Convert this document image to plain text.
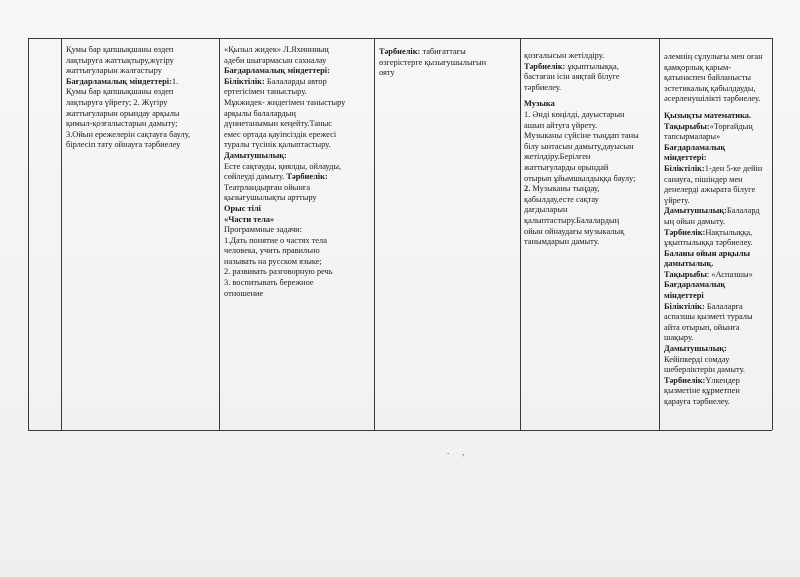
Қумы бар қапшықшаны өздеп

лақтыруға жаттықтыру,жүгіру

жаттығуларын жалғастыру

Бағдарламалық міндеттері:1.

Қумы бар қапшықшаны өздеп

лақтыруға үйрету; 2. Жүгіру

жаттығуларын орындау арқылы

қимыл-қозғалыстарын дамыту;

3.Ойын ережелерін сақтауға баулу,

бірлесіп тату ойнауға тәрбиелеу

«Қызыл жидек» Л.Яхиннның

әдеби шығармасын сахналау

Бағдарламалық міндеттері:

Біліктілік: Балаларды автор

ертегісімен таныстыру.

Мұкжидек- жидегімен таныстыру

арқылы балалардың

дүниетанымын кеңейту.Таныс

емес ортада қауіпсіздік ережесі

туралы түсінік қалыптастыру.

Дамытушылық:

Есте сақтауды, қиялды, ойлауды,

сөйлеуді дамыту. Тәрбиелік:

Театрландырған ойынға

қызығушылықты арттыру

Орыс тілі

«Части тела»

Программные задачи:

1.Дать понятие о частях тела

человека, учить правильно

называть на русском языке;

2. развивать разговорную речь

3. воспитывать бережное

отношение

Тәрбиелік: табиғаттағы

өзгерістерге қызығушылығын

ояту

қозғалысын жетілдіру.

Тәрбиелік: ұқыптылыққа,

бастаған ісін аяқтай білуге

тәрбиелеу.

Музыка

1. Әнді көңілді, дауыстарын

ашып айтуға үйрету.

Музыканы сүйсіне тыңдап таны

білу ынтасын дамыту,дауысын

жетілдіру.Берілген

жаттығуларды орындай

отырып ұйымшылдыққа баулу;

2. Музыканы тыңдау,

қабылдау,есте сақтау

дағдыларын

қалыптастыру.Балалардың

ойын ойнаудағы музыкалық

танымдарын дамыту.

әлемнің сұлулығы мен оған

қамқорлық қарым-

қатынаспен байланысты

эстетикалық қабылдауды,

әсерленушілікті тәрбиелеу.

Қызықты математика.

Тақырыбы:«Торғайдың

тапсырмалары»

Бағдарламалық

міндеттері:

Біліктілік:1-ден 5-ке дейін

санауға, пішіндер мен

денелерді ажырата білуге

үйрету.

Дамытушылық:Балалард

ың ойын дамыту.

Тәрбиелік:Нақтылыққа,

ұқыптылыққа тәрбиелеу.

Баланы ойын арқылы

дамытылық.

Тақырыбы: «Аспазшы»

Бағдарламалық

міндеттері

Біліктілік: Балаларға

аспазшы қызметі туралы

айта отырып, ойынға

шақыру.

Дамытушылық:

Кейіпкерді сомдау

шеберліктерін дамыту.

Тәрбиелік:Үлкендер

қызметіне құрметпен

қарауға тәрбиелеу.

. ,
